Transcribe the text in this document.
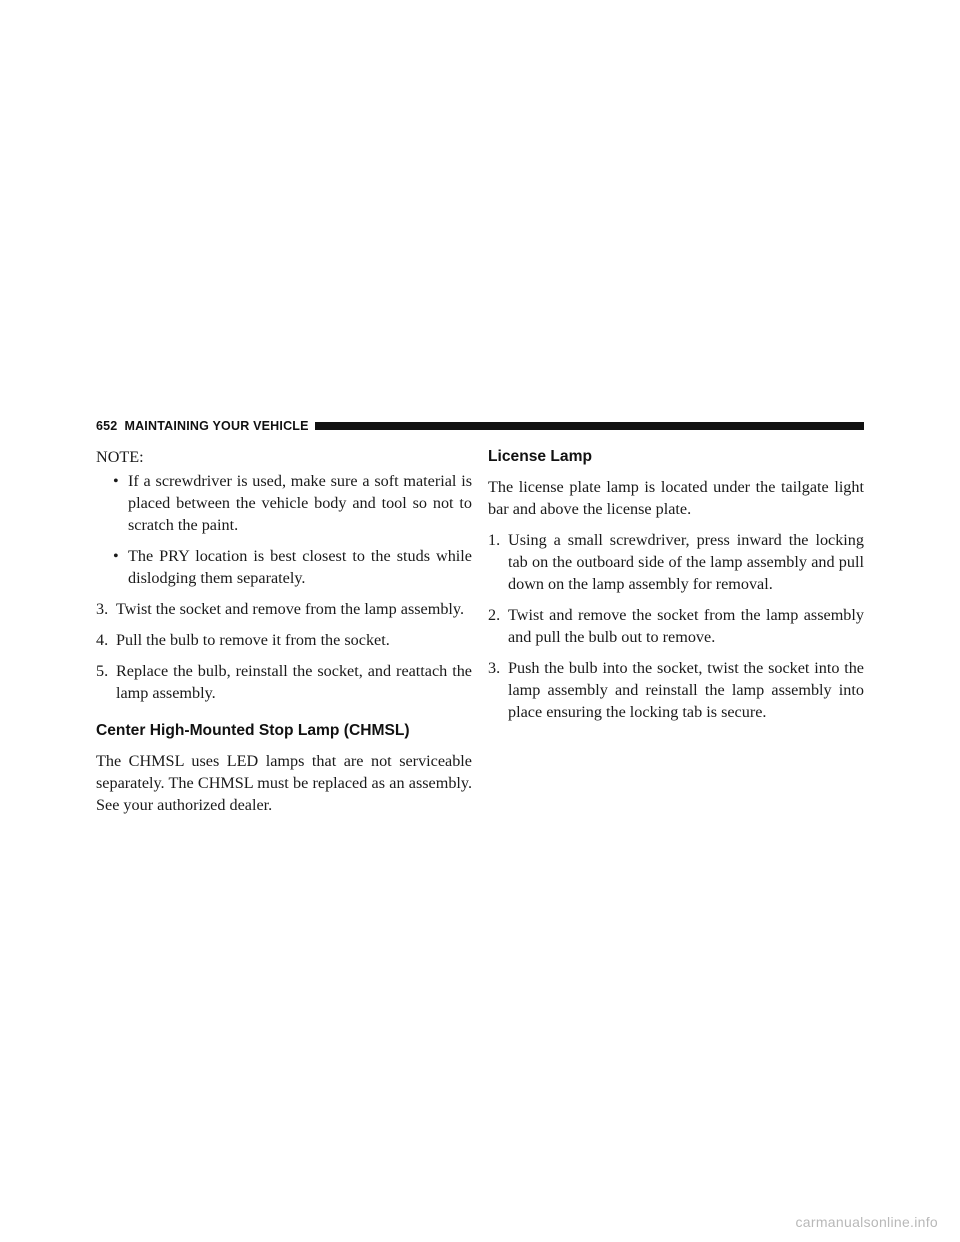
652 MAINTAINING YOUR VEHICLE

NOTE:

• If a screwdriver is used, make sure a soft material is placed between the vehicle body and tool so not to scratch the paint.
• The PRY location is best closest to the studs while dislodging them separately.
3. Twist the socket and remove from the lamp assembly.
4. Pull the bulb to remove it from the socket.
5. Replace the bulb, reinstall the socket, and reattach the lamp assembly.
Center High-Mounted Stop Lamp (CHMSL)

The CHMSL uses LED lamps that are not serviceable separately. The CHMSL must be replaced as an assembly. See your authorized dealer.

License Lamp

The license plate lamp is located under the tailgate light bar and above the license plate.

1. Using a small screwdriver, press inward the locking tab on the outboard side of the lamp assembly and pull down on the lamp assembly for removal.
2. Twist and remove the socket from the lamp assembly and pull the bulb out to remove.
3. Push the bulb into the socket, twist the socket into the lamp assembly and reinstall the lamp assembly into place ensuring the locking tab is secure.
carmanualsonline.info
